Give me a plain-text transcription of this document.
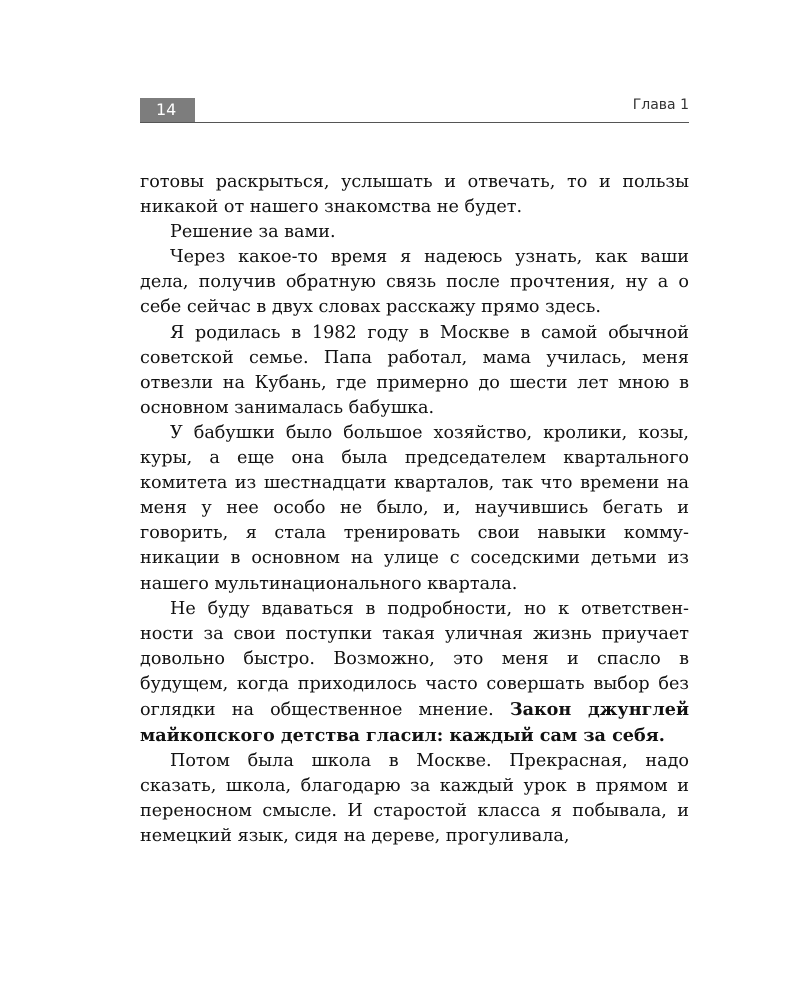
14	Глава 1

готовы раскрыться, услышать и отвечать, то и пользы никакой от нашего знакомства не будет.

Решение за вами.

Через какое-то время я надеюсь узнать, как ваши дела, получив обратную связь после прочтения, ну а о себе сейчас в двух словах расскажу прямо здесь.

Я родилась в 1982 году в Москве в самой обычной советской семье. Папа работал, мама училась, меня отвезли на Кубань, где примерно до шести лет мною в основном занималась бабушка.

У бабушки было большое хозяйство, кролики, козы, куры, а еще она была председателем квартального комитета из шестнадцати кварталов, так что времени на меня у нее особо не было, и, научившись бегать и говорить, я стала тренировать свои навыки коммуникации в основном на улице с соседскими детьми из нашего мультинационального квартала.

Не буду вдаваться в подробности, но к ответственности за свои поступки такая уличная жизнь приучает довольно быстро. Возможно, это меня и спасло в будущем, когда приходилось часто совершать выбор без оглядки на общественное мнение. Закон джунглей майкопского детства гласил: каждый сам за себя.

Потом была школа в Москве. Прекрасная, надо сказать, школа, благодарю за каждый урок в прямом и переносном смысле. И старостой класса я побывала, и немецкий язык, сидя на дереве, прогуливала,
